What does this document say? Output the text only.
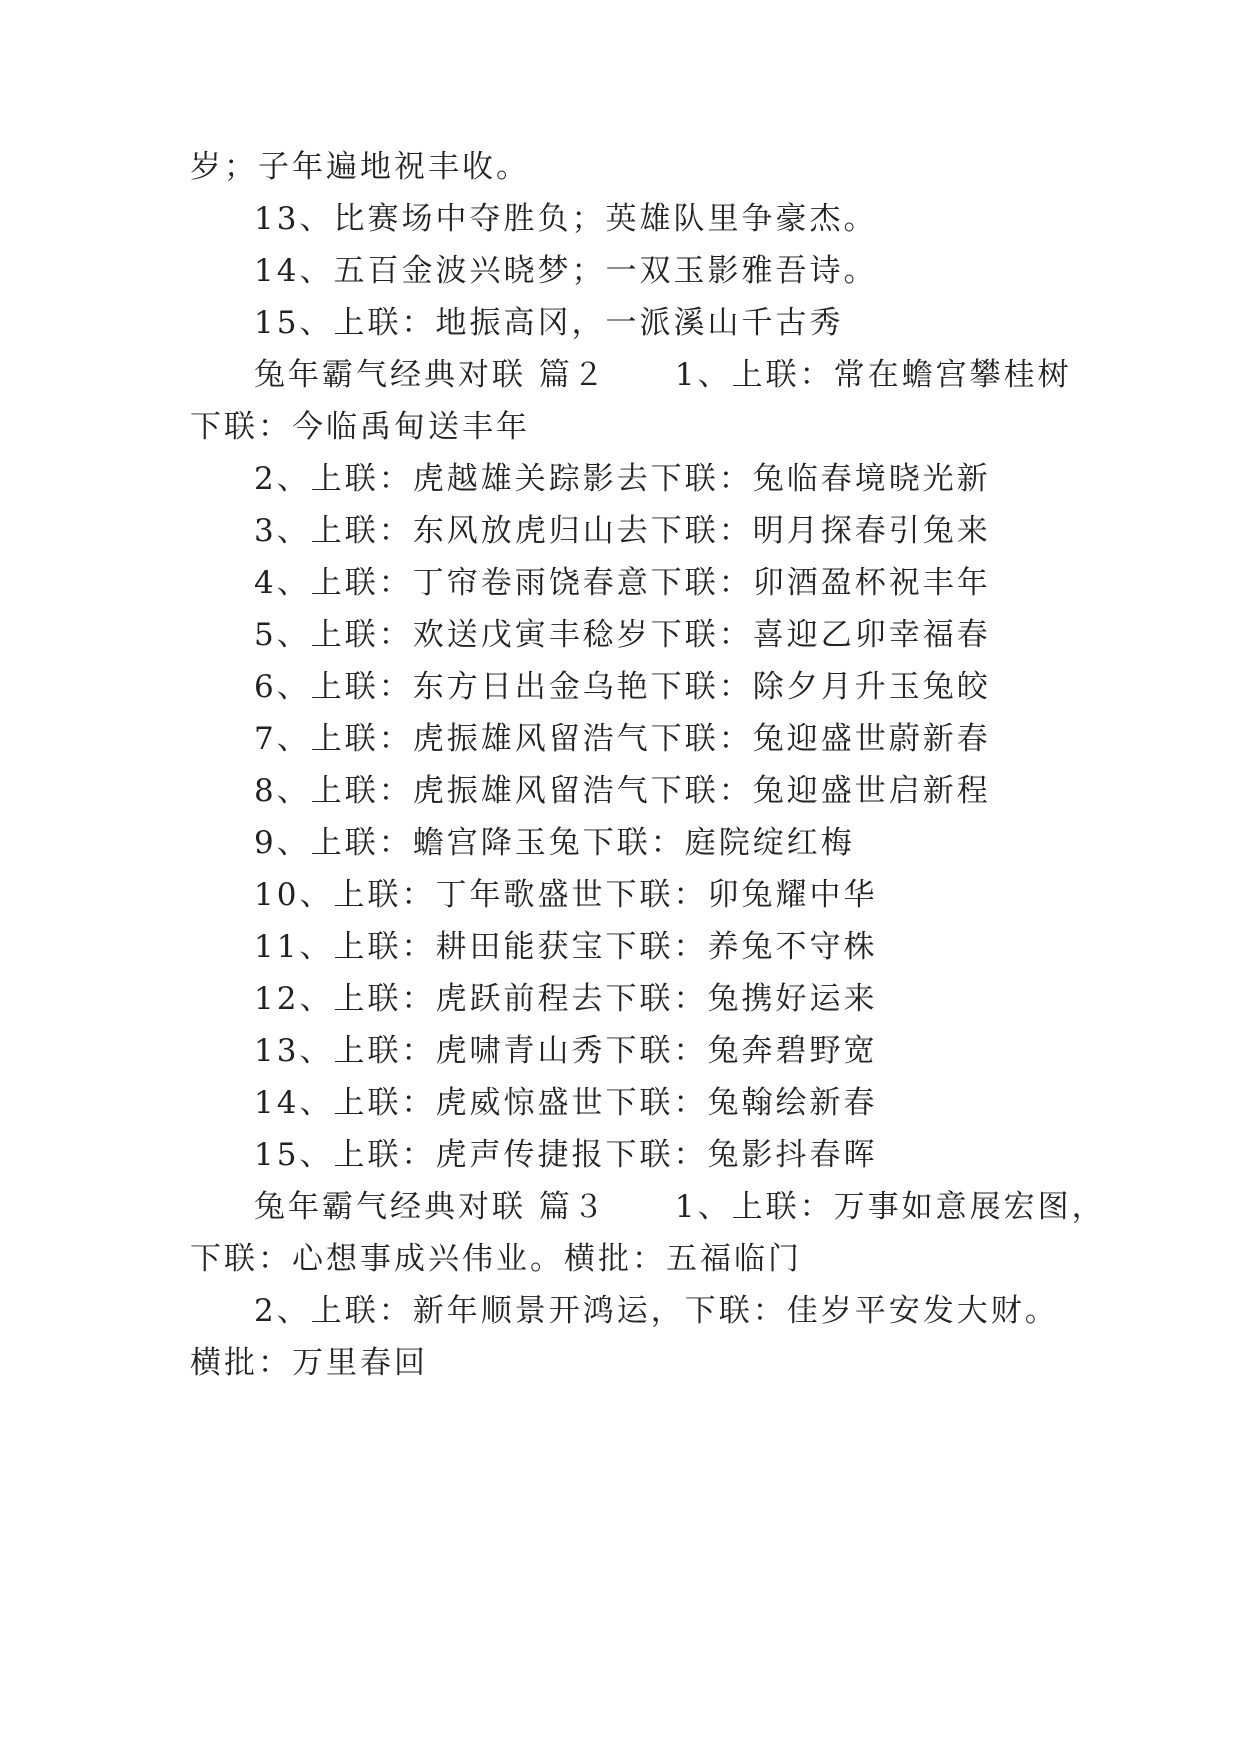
岁；子年遍地祝丰收。
13、比赛场中夺胜负；英雄队里争豪杰。
14、五百金波兴晓梦；一双玉影雅吾诗。
15、上联：地振高冈，一派溪山千古秀
兔年霸气经典对联 篇２　　1、上联：常在蟾宫攀桂树
下联：今临禹甸送丰年
2、上联：虎越雄关踪影去下联：兔临春境晓光新
3、上联：东风放虎归山去下联：明月探春引兔来
4、上联：丁帘卷雨饶春意下联：卯酒盈杯祝丰年
5、上联：欢送戊寅丰稔岁下联：喜迎乙卯幸福春
6、上联：东方日出金乌艳下联：除夕月升玉兔皎
7、上联：虎振雄风留浩气下联：兔迎盛世蔚新春
8、上联：虎振雄风留浩气下联：兔迎盛世启新程
9、上联：蟾宫降玉兔下联：庭院绽红梅
10、上联：丁年歌盛世下联：卯兔耀中华
11、上联：耕田能获宝下联：养兔不守株
12、上联：虎跃前程去下联：兔携好运来
13、上联：虎啸青山秀下联：兔奔碧野宽
14、上联：虎威惊盛世下联：兔翰绘新春
15、上联：虎声传捷报下联：兔影抖春晖
兔年霸气经典对联 篇３　　1、上联：万事如意展宏图，
下联：心想事成兴伟业。横批：五福临门
2、上联：新年顺景开鸿运，下联：佳岁平安发大财。
横批：万里春回
